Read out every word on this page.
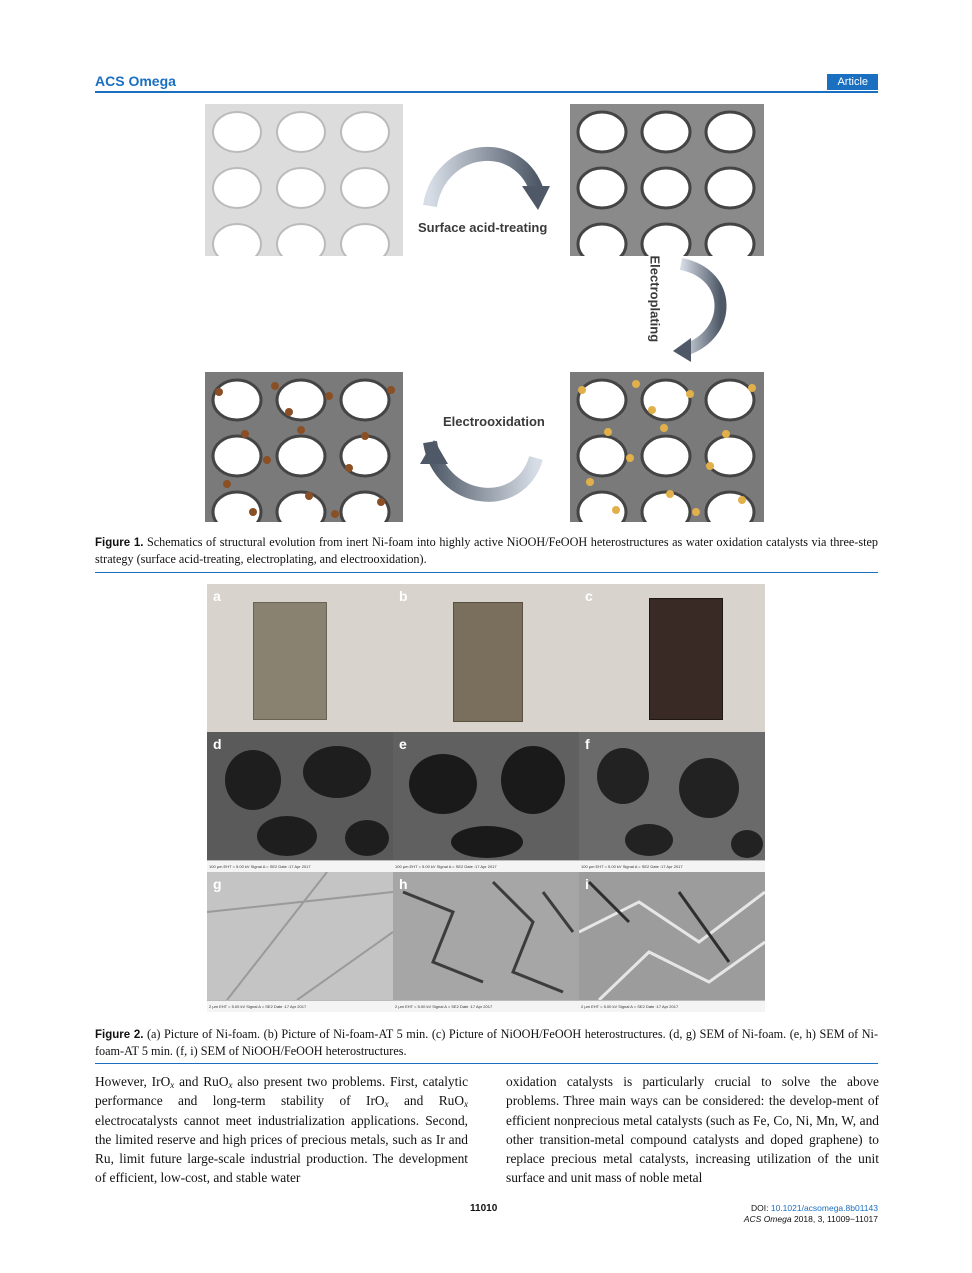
ACS Omega	Article
Surface acid-treating
Electroplating
Electrooxidation
Figure 1. Schematics of structural evolution from inert Ni-foam into highly active NiOOH/FeOOH heterostructures as water oxidation catalysts via three-step strategy (surface acid-treating, electroplating, and electrooxidation).
a	b	c
d
100 μm EHT = 5.00 kV Signal A = SE2 Date :17 Apr 2017
e
100 μm EHT = 5.00 kV Signal A = SE2 Date :17 Apr 2017
f
100 μm EHT = 5.00 kV Signal A = SE2 Date :17 Apr 2017
g
2 μm EHT = 5.00 kV Signal A = SE2 Date :17 Apr 2017
h
2 μm EHT = 5.00 kV Signal A = SE2 Date :17 Apr 2017
i
2 μm EHT = 5.00 kV Signal A = SE2 Date :17 Apr 2017
Figure 2. (a) Picture of Ni-foam. (b) Picture of Ni-foam-AT 5 min. (c) Picture of NiOOH/FeOOH heterostructures. (d, g) SEM of Ni-foam. (e, h) SEM of Ni-foam-AT 5 min. (f, i) SEM of NiOOH/FeOOH heterostructures.
However, IrO$_x$ and RuO$_x$ also present two problems. First, catalytic performance and long-term stability of IrO$_x$ and RuO$_x$ electrocatalysts cannot meet industrialization applications. Second, the limited reserve and high prices of precious metals, such as Ir and Ru, limit future large-scale industrial production. The development of efficient, low-cost, and stable water
oxidation catalysts is particularly crucial to solve the above problems. Three main ways can be considered: the develop-ment of efficient nonprecious metal catalysts (such as Fe, Co, Ni, Mn, W, and other transition-metal compound catalysts and doped graphene) to replace precious metal catalysts, increasing utilization of the unit surface and unit mass of noble metal
11010	DOI: 10.1021/acsomega.8b01143
ACS Omega 2018, 3, 11009−11017
